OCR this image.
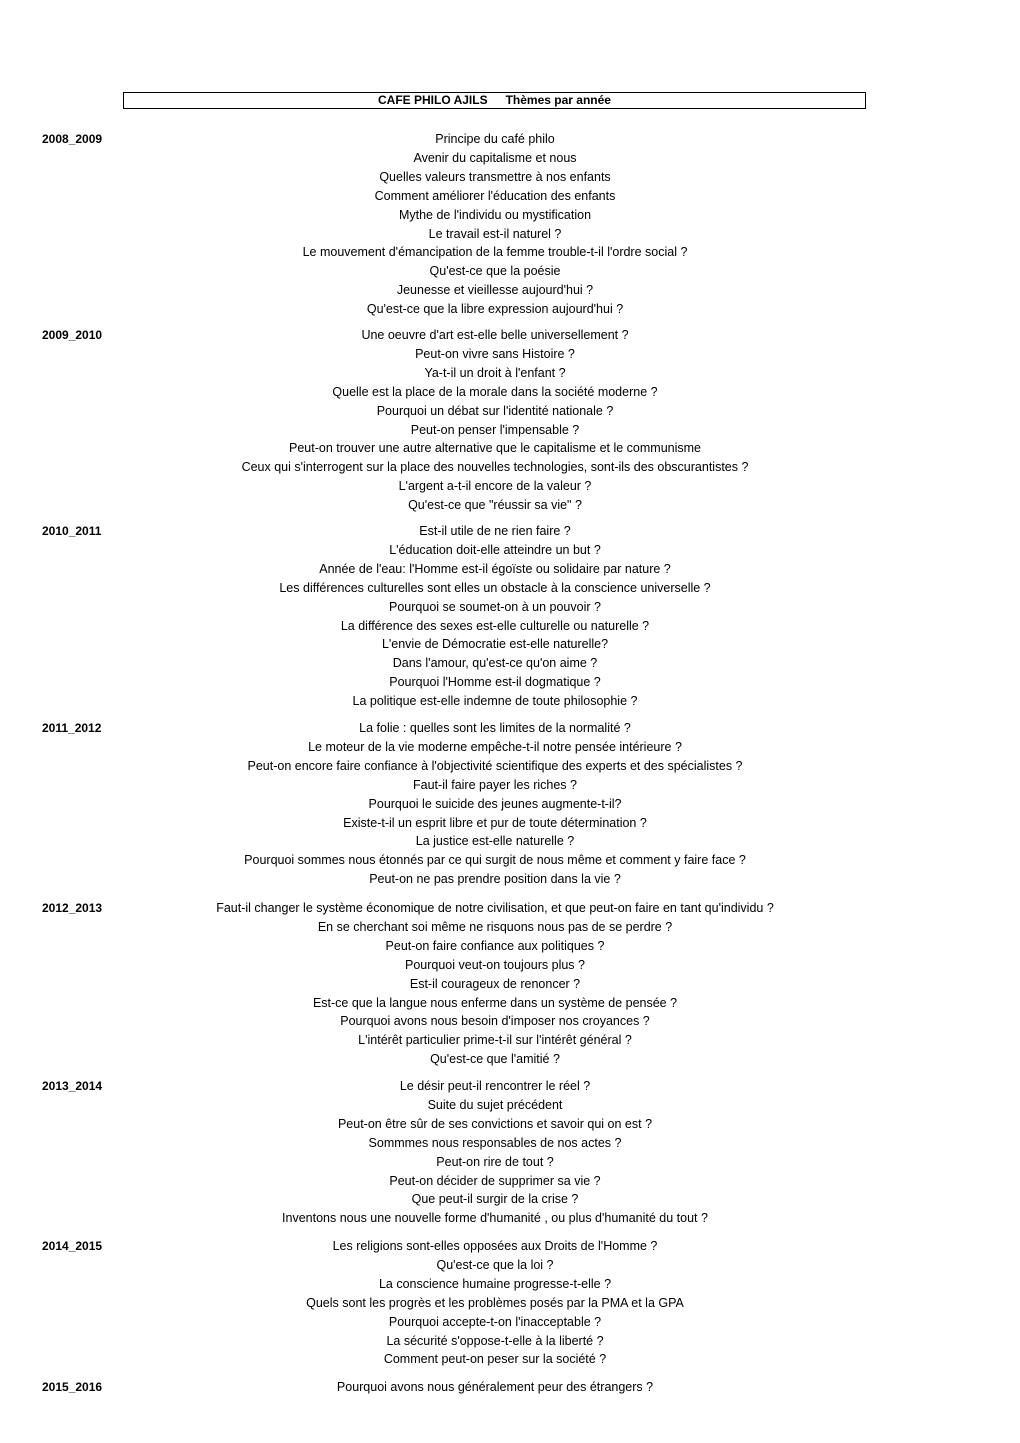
CAFE PHILO AJILS Thèmes par année
2008_2009	Principe du café philo
Avenir du capitalisme et nous
Quelles valeurs transmettre à nos enfants
Comment améliorer l'éducation des enfants
Mythe de l'individu ou mystification
Le travail est-il naturel ?
Le mouvement d'émancipation de la femme trouble-t-il l'ordre social ?
Qu'est-ce que la poésie
Jeunesse et vieillesse aujourd'hui ?
Qu'est-ce que la libre expression aujourd'hui ?
2009_2010	Une oeuvre d'art est-elle belle universellement ?
Peut-on vivre sans Histoire ?
Ya-t-il un droit à l'enfant ?
Quelle est la place de la morale dans la société moderne ?
Pourquoi un débat sur l'identité nationale ?
Peut-on penser l'impensable ?
Peut-on trouver une autre alternative que le capitalisme et le communisme
Ceux qui s'interrogent sur la place des nouvelles technologies, sont-ils des obscurantistes ?
L'argent a-t-il encore de la valeur ?
Qu'est-ce que "réussir sa vie" ?
2010_2011	Est-il utile de ne rien faire ?
L'éducation doit-elle atteindre un but ?
Année de l'eau: l'Homme est-il égoïste ou solidaire par nature ?
Les différences culturelles sont elles un obstacle à la conscience universelle ?
Pourquoi se soumet-on à un pouvoir ?
La différence des sexes est-elle culturelle ou naturelle ?
L'envie de Démocratie est-elle naturelle?
Dans l'amour, qu'est-ce qu'on aime ?
Pourquoi l'Homme est-il dogmatique ?
La politique est-elle indemne de toute philosophie ?
2011_2012	La folie : quelles sont les limites de la normalité ?
Le moteur de la vie moderne empêche-t-il notre pensée intérieure ?
Peut-on encore faire confiance à l'objectivité scientifique des experts et des spécialistes ?
Faut-il faire payer les riches ?
Pourquoi le suicide des jeunes augmente-t-il?
Existe-t-il un esprit libre et pur de toute détermination ?
La justice est-elle naturelle ?
Pourquoi sommes nous étonnés par ce qui surgit de nous même et comment y faire face ?
Peut-on ne pas prendre position dans la vie ?
2012_2013	Faut-il changer le système économique de notre civilisation, et que peut-on faire en tant qu'individu ?
En se cherchant soi même ne risquons nous pas de se perdre ?
Peut-on faire confiance aux politiques ?
Pourquoi veut-on toujours plus ?
Est-il courageux de renoncer ?
Est-ce que la langue nous enferme dans un système de pensée ?
Pourquoi avons nous besoin d'imposer nos croyances ?
L'intérêt particulier prime-t-il sur l'intérêt général ?
Qu'est-ce que l'amitié ?
2013_2014	Le désir peut-il rencontrer le réel ?
Suite du sujet précédent
Peut-on être sûr de ses convictions et savoir qui on est ?
Sommmes nous responsables de nos actes ?
Peut-on rire de tout ?
Peut-on décider de supprimer sa vie ?
Que peut-il surgir de la crise ?
Inventons nous une nouvelle forme d'humanité , ou plus d'humanité du tout ?
2014_2015	Les religions sont-elles opposées aux Droits de l'Homme ?
Qu'est-ce que la loi ?
La conscience humaine progresse-t-elle ?
Quels sont les progrès et les problèmes posés par la PMA et la GPA
Pourquoi accepte-t-on l'inacceptable ?
La sécurité s'oppose-t-elle à la liberté ?
Comment peut-on peser sur la société ?
2015_2016	Pourquoi avons nous généralement peur des étrangers ?
